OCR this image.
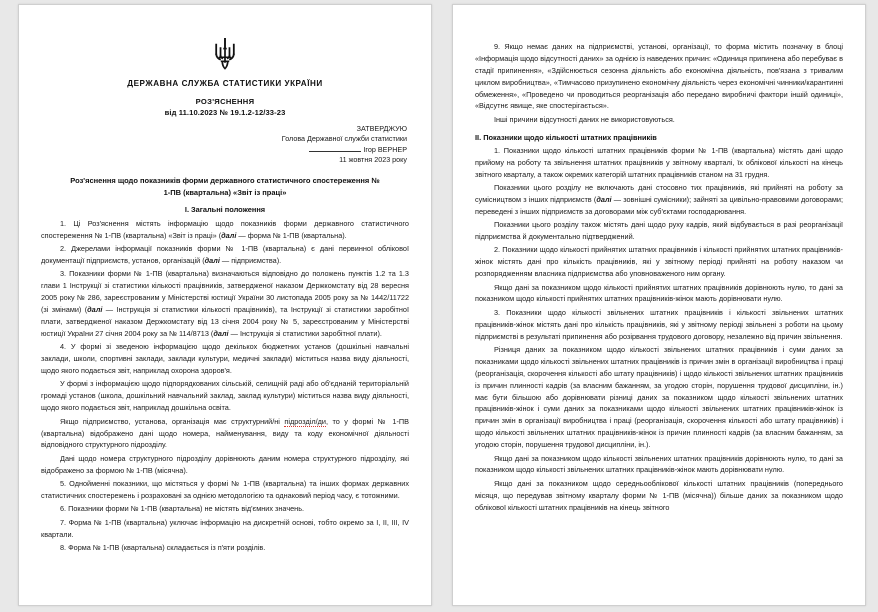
ДЕРЖАВНА СЛУЖБА СТАТИСТИКИ УКРАЇНИ
РОЗ'ЯСНЕННЯ
від 11.10.2023 № 19.1.2-12/33-23
ЗАТВЕРДЖУЮ
Голова Державної служби статистики
Ігор ВЕРНЕР
11 жовтня 2023 року
Роз'яснення щодо показників форми державного статистичного спостереження №
1-ПВ (квартальна) «Звіт із праці»
I. Загальні положення
1. Ці Роз'яснення містять інформацію щодо показників форми державного статистичного спостереження № 1-ПВ (квартальна) «Звіт із праці» (далі — форма № 1-ПВ (квартальна).
2. Джерелами інформації показників форми № 1-ПВ (квартальна) є дані первинної облікової документації підприємств, установ, організацій (далі — підприємства).
3. Показники форми № 1-ПВ (квартальна) визначаються відповідно до положень пунктів 1.2 та 1.3 глави 1 Інструкції зі статистики кількості працівників, затвердженої наказом Держкомстату від 28 вересня 2005 року № 286, зареєстрованим у Міністерстві юстиції України 30 листопада 2005 року за № 1442/11722 (зі змінами) (далі — Інструкція зі статистики кількості працівників), та Інструкції зі статистики заробітної плати, затвердженої наказом Держкомстату від 13 січня 2004 року № 5, зареєстрованим у Міністерстві юстиції України 27 січня 2004 року за № 114/8713 (далі — Інструкція зі статистики заробітної плати).
4. У формі зі зведеною інформацією щодо декількох бюджетних установ (дошкільні навчальні заклади, школи, спортивні заклади, заклади культури, медичні заклади) міститься назва виду діяльності, щодо якого подається звіт, наприклад охорона здоров'я.
У формі з інформацією щодо підпорядкованих сільській, селищній раді або об'єднаній територіальній громаді установ (школа, дошкільний навчальний заклад, заклад культури) міститься назва виду діяльності, щодо якого подається звіт, наприклад дошкільна освіта.
Якщо підприємство, установа, організація має структурний/ні підрозділ/ди, то у формі № 1-ПВ (квартальна) відображено дані щодо номера, найменування, виду та коду економічної діяльності відповідного структурного підрозділу.
Дані щодо номера структурного підрозділу дорівнюють даним номера структурного підрозділу, які відображено за формою № 1-ПВ (місячна).
5. Однойменні показники, що містяться у формі № 1-ПВ (квартальна) та інших формах державних статистичних спостережень і розраховані за однією методологією та однаковий період часу, є тотожними.
6. Показники форми № 1-ПВ (квартальна) не містять від'ємних значень.
7. Форма № 1-ПВ (квартальна) уключає інформацію на дискретній основі, тобто окремо за I, II, III, IV квартали.
8. Форма № 1-ПВ (квартальна) складається із п'яти розділів.
9. Якщо немає даних на підприємстві, установі, організації, то форма містить позначку в блоці «Інформація щодо відсутності даних» за однією із наведених причин: «Одиниця припинена або перебуває в стадії припинення», «Здійснюється сезонна діяльність або економічна діяльність, пов'язана з тривалим циклом виробництва», «Тимчасово призупинено економічну діяльність через економічні чинники/карантинні обмеження», «Проведено чи проводиться реорганізація або передано виробничі фактори іншій одиниці», «Відсутнє явище, яке спостерігається».
Інші причини відсутності даних не використовуються.
II. Показники щодо кількості штатних працівників
1. Показники щодо кількості штатних працівників форми № 1-ПВ (квартальна) містять дані щодо прийому на роботу та звільнення штатних працівників у звітному кварталі, їх облікової кількості на кінець звітного кварталу, а також окремих категорій штатних працівників станом на 31 грудня.
Показники цього розділу не включають дані стосовно тих працівників, які прийняті на роботу за сумісництвом з інших підприємств (далі — зовнішні сумісники); зайняті за цивільно-правовими договорами; переведені з інших підприємств за договорами між суб'єктами господарювання.
Показники цього розділу також містять дані щодо руху кадрів, який відбувається в разі реорганізації підприємства й документально підтверджений.
2. Показники щодо кількості прийнятих штатних працівників і кількості прийнятих штатних працівників-жінок містять дані про кількість працівників, які у звітному періоді прийняті на роботу наказом чи розпорядженням власника підприємства або уповноваженого ним органу.
Якщо дані за показником щодо кількості прийнятих штатних працівників дорівнюють нулю, то дані за показником щодо кількості прийнятих штатних працівників-жінок мають дорівнювати нулю.
3. Показники щодо кількості звільнених штатних працівників і кількості звільнених штатних працівників-жінок містять дані про кількість працівників, які у звітному періоді звільнені з роботи на цьому підприємстві в результаті припинення або розірвання трудового договору, незалежно від причин звільнення.
Різниця даних за показником щодо кількості звільнених штатних працівників і суми даних за показниками щодо кількості звільнених штатних працівників із причин змін в організації виробництва і праці (реорганізація, скорочення кількості або штату працівників) і щодо кількості звільнених штатних працівників із причин плинності кадрів (за власним бажанням, за угодою сторін, порушення трудової дисципліни, ін.) має бути більшою або дорівнювати різниці даних за показником щодо кількості звільнених штатних працівників-жінок і суми даних за показниками щодо кількості звільнених штатних працівників-жінок із причин змін в організації виробництва і праці (реорганізація, скорочення кількості або штату працівників) і щодо кількості звільнених штатних працівників-жінок із причин плинності кадрів (за власним бажанням, за угодою сторін, порушення трудової дисципліни, ін.).
Якщо дані за показником щодо кількості звільнених штатних працівників дорівнюють нулю, то дані за показником щодо кількості звільнених штатних працівників-жінок мають дорівнювати нулю.
Якщо дані за показником щодо середньооблікової кількості штатних працівників (попереднього місяця, що передував звітному кварталу форми № 1-ПВ (місячна)) більше даних за показником щодо облікової кількості штатних працівників на кінець звітного
